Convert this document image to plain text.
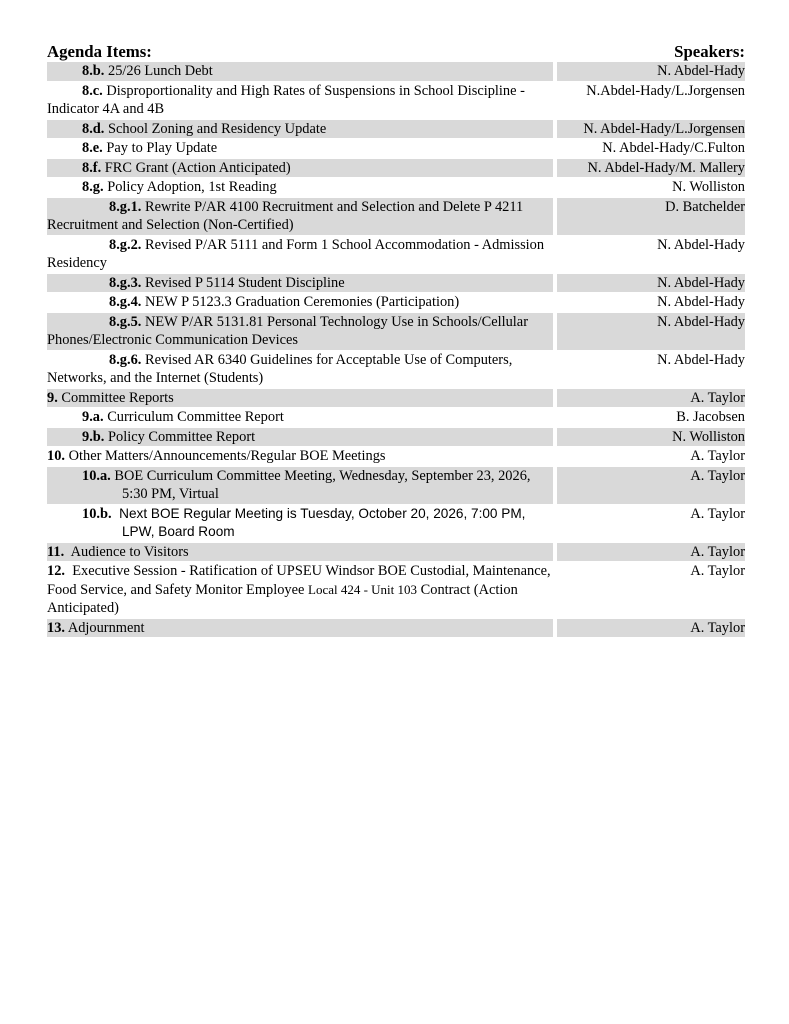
Agenda Items:	Speakers:
8.b. 25/26 Lunch Debt		N. Abdel-Hady
8.c. Disproportionality and High Rates of Suspensions in School Discipline - Indicator 4A and 4B		N.Abdel-Hady/L.Jorgensen
8.d. School Zoning and Residency Update		N. Abdel-Hady/L.Jorgensen
8.e. Pay to Play Update		N. Abdel-Hady/C.Fulton
8.f. FRC Grant (Action Anticipated)		N. Abdel-Hady/M. Mallery
8.g. Policy Adoption, 1st Reading		N. Wolliston
8.g.1. Rewrite P/AR 4100 Recruitment and Selection and Delete P 4211 Recruitment and Selection (Non-Certified)		D. Batchelder
8.g.2. Revised P/AR 5111 and Form 1 School Accommodation - Admission Residency		N. Abdel-Hady
8.g.3. Revised P 5114 Student Discipline		N. Abdel-Hady
8.g.4. NEW P 5123.3 Graduation Ceremonies (Participation)		N. Abdel-Hady
8.g.5. NEW P/AR 5131.81 Personal Technology Use in Schools/Cellular Phones/Electronic Communication Devices		N. Abdel-Hady
8.g.6. Revised AR 6340 Guidelines for Acceptable Use of Computers, Networks, and the Internet (Students)		N. Abdel-Hady
9. Committee Reports		A. Taylor
9.a. Curriculum Committee Report		B. Jacobsen
9.b. Policy Committee Report		N. Wolliston
10. Other Matters/Announcements/Regular BOE Meetings		A. Taylor
10.a. BOE Curriculum Committee Meeting, Wednesday, September 23, 2026, 5:30 PM, Virtual		A. Taylor
10.b. Next BOE Regular Meeting is Tuesday, October 20, 2026, 7:00 PM, LPW, Board Room		A. Taylor
11. Audience to Visitors		A. Taylor
12. Executive Session - Ratification of UPSEU Windsor BOE Custodial, Maintenance, Food Service, and Safety Monitor Employee Local 424 - Unit 103 Contract (Action Anticipated)		A. Taylor
13. Adjournment		A. Taylor
